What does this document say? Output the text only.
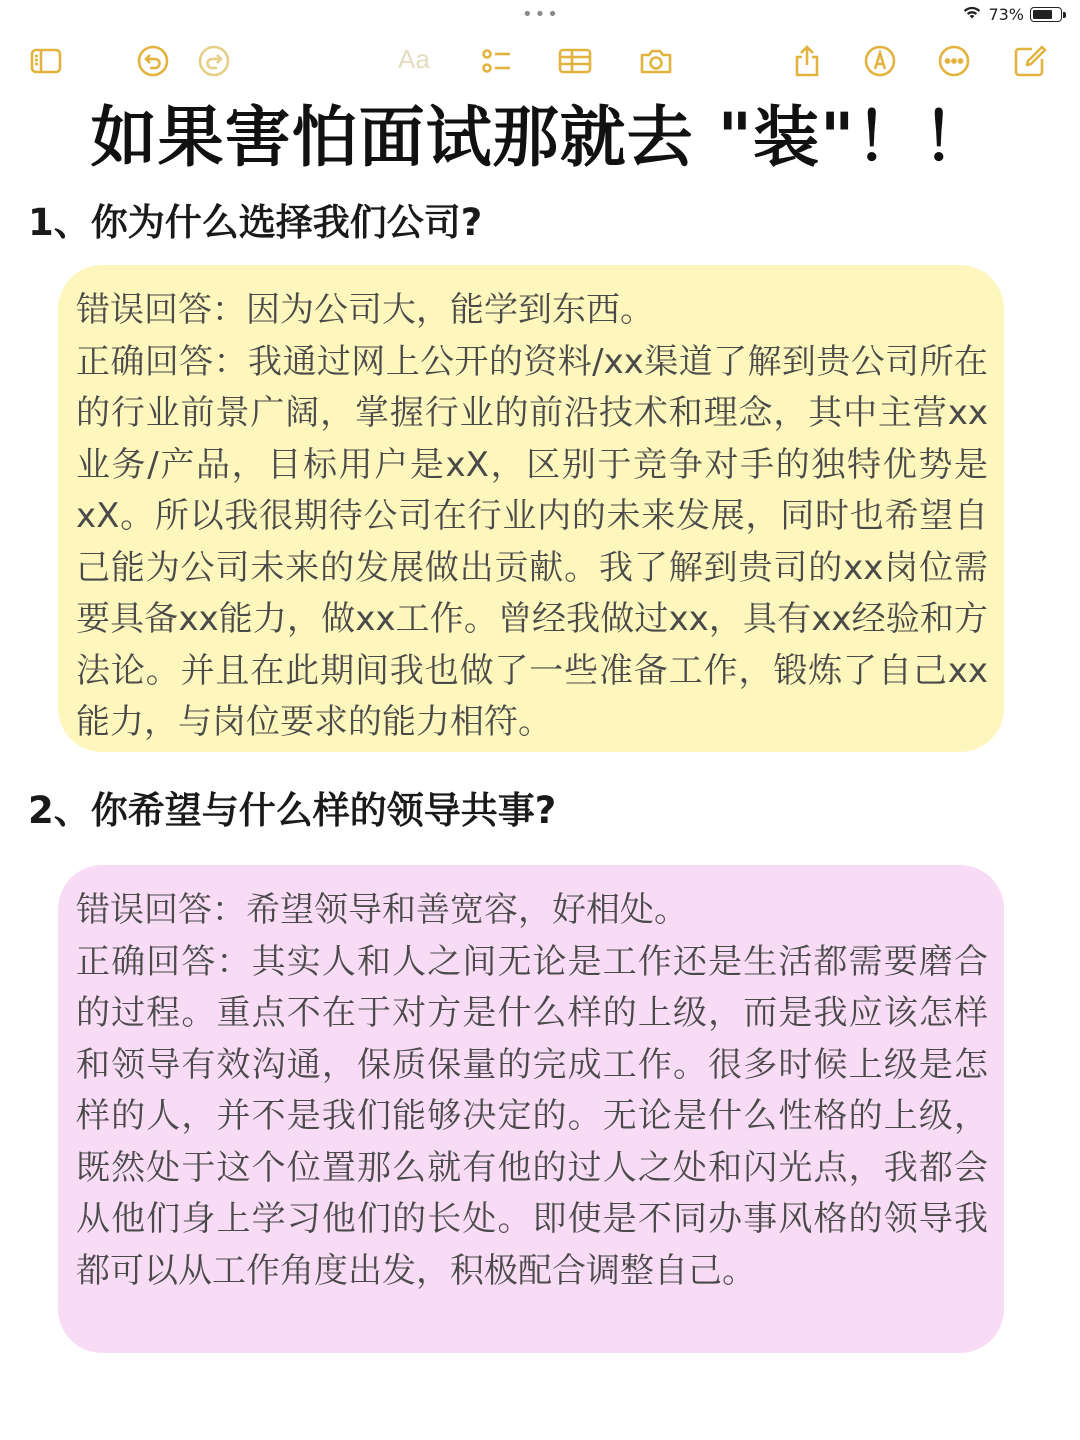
•••	73%
Aa
如果害怕面试那就去 "装"！！
1、你为什么选择我们公司?

错误回答：因为公司大，能学到东西。

正确回答：我通过网上公开的资料/xx渠道了解到贵公司所在的行业前景广阔，掌握行业的前沿技术和理念，其中主营xx业务/产品，目标用户是xX，区别于竞争对手的独特优势是xX。所以我很期待公司在行业内的未来发展，同时也希望自己能为公司未来的发展做出贡献。我了解到贵司的xx岗位需要具备xx能力，做xx工作。曾经我做过xx，具有xx经验和方法论。并且在此期间我也做了一些准备工作，锻炼了自己xx能力，与岗位要求的能力相符。

2、你希望与什么样的领导共事?

错误回答：希望领导和善宽容，好相处。

正确回答：其实人和人之间无论是工作还是生活都需要磨合的过程。重点不在于对方是什么样的上级，而是我应该怎样和领导有效沟通，保质保量的完成工作。很多时候上级是怎样的人，并不是我们能够决定的。无论是什么性格的上级，既然处于这个位置那么就有他的过人之处和闪光点，我都会从他们身上学习他们的长处。即使是不同办事风格的领导我都可以从工作角度出发，积极配合调整自己。
